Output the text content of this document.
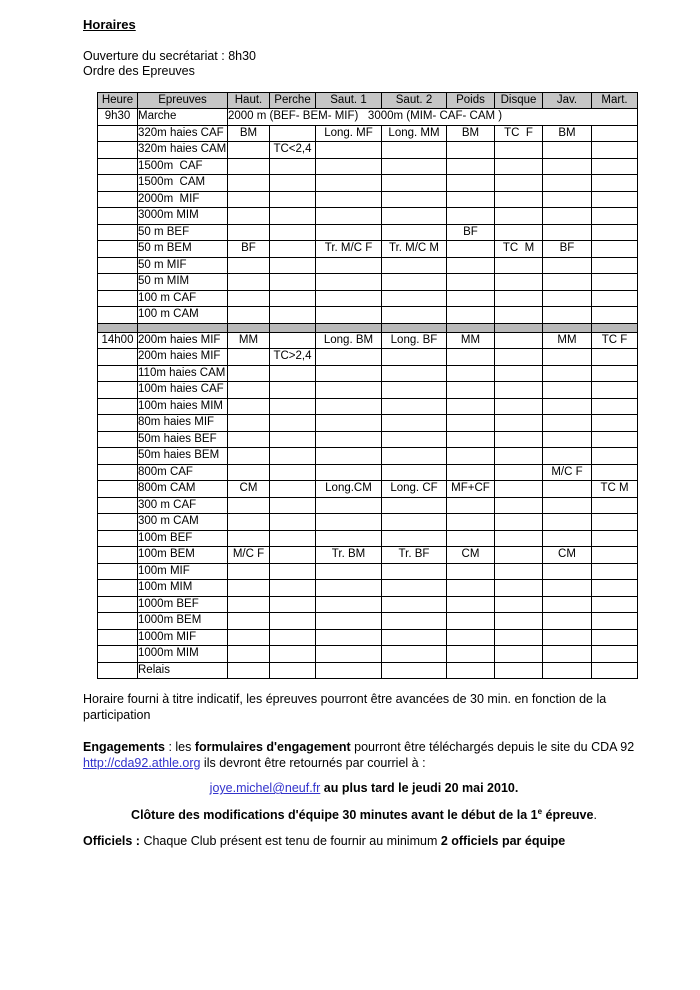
Horaires

Ouverture du secrétariat : 8h30

Ordre des Epreuves

Heure	Epreuves	Haut.	Perche	Saut. 1	Saut. 2	Poids	Disque	Jav.	Mart.
9h30	Marche	2000 m (BEF- BEM- MIF)   3000m (MIM- CAF- CAM )							
	320m haies CAF	BM		Long. MF	Long. MM	BM	TC  F	BM	
	320m haies CAM		TC<2,4						
	1500m  CAF								
	1500m  CAM								
	2000m  MIF								
	3000m MIM								
	50 m BEF					BF			
	50 m BEM	BF		Tr. M/C F	Tr. M/C M		TC  M	BF	
	50 m MIF								
	50 m MIM								
	100 m CAF								
	100 m CAM								

14h00	200m haies MIF	MM		Long. BM	Long. BF	MM		MM	TC F
	200m haies MIF		TC>2,4						
	110m haies CAM								
	100m haies CAF								
	100m haies MIM								
	80m haies MIF								
	50m haies BEF								
	50m haies BEM								
	800m CAF							M/C F	
	800m CAM	CM		Long.CM	Long. CF	MF+CF			TC M
	300 m CAF								
	300 m CAM								
	100m BEF								
	100m BEM	M/C F		Tr. BM	Tr. BF	CM		CM	
	100m MIF								
	100m MIM								
	1000m BEF								
	1000m BEM								
	1000m MIF								
	1000m MIM								
	Relais								

Horaire fourni à titre indicatif, les épreuves pourront être avancées de 30 min. en fonction de la participation

Engagements : les formulaires d'engagement pourront être téléchargés depuis le site du CDA 92
http://cda92.athle.org ils devront être retournés par courriel à :

joye.michel@neuf.fr au plus tard le jeudi 20 mai 2010.

Clôture des modifications d'équipe 30 minutes avant le début de la 1e épreuve.

Officiels : Chaque Club présent est tenu de fournir au minimum 2 officiels par équipe
